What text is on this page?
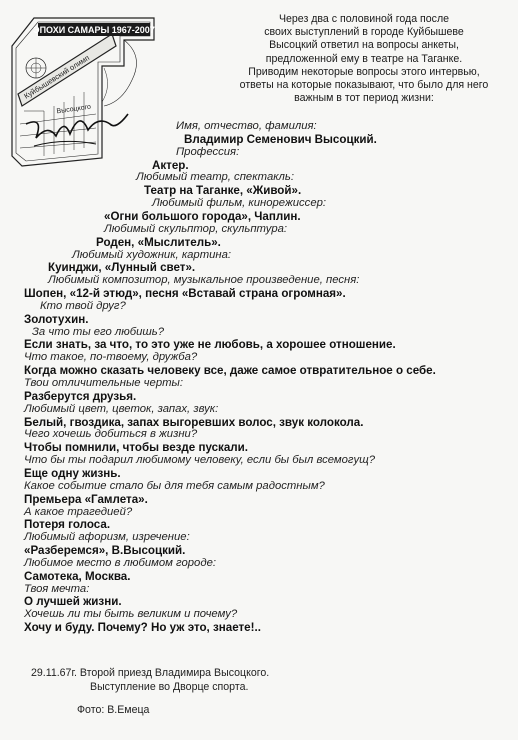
ЭПОХИ САМАРЫ 1967-2007
Куйбышевский олимп
Высоцкого
Через два с половиной года после
своих выступлений в городе Куйбышеве
Высоцкий ответил на вопросы анкеты,
предложенной ему в театре на Таганке.
Приводим некоторые вопросы этого интервью,
ответы на которые показывают, что было для него
важным в тот период жизни:
Имя, отчество, фамилия:
Владимир Семенович Высоцкий.
Профессия:
Актер.
Любимый театр, спектакль:
Театр на Таганке, «Живой».
Любимый фильм, кинорежиссер:
«Огни большого города», Чаплин.
Любимый скульптор, скульптура:
Роден, «Мыслитель».
Любимый художник, картина:
Куинджи, «Лунный свет».
Любимый композитор, музыкальное произведение, песня:
Шопен, «12-й этюд», песня «Вставай страна огромная».
Кто твой друг?
Золотухин.
За что ты его любишь?
Если знать, за что, то это уже не любовь, а хорошее отношение.
Что такое, по-твоему, дружба?
Когда можно сказать человеку все, даже самое отвратительное о себе.
Твои отличительные черты:
Разберутся друзья.
Любимый цвет, цветок, запах, звук:
Белый, гвоздика, запах выгоревших волос, звук колокола.
Чего хочешь добиться в жизни?
Чтобы помнили, чтобы везде пускали.
Что бы ты подарил любимому человеку, если бы был всемогущ?
Еще одну жизнь.
Какое событие стало бы для тебя самым радостным?
Премьера «Гамлета».
А какое трагедией?
Потеря голоса.
Любимый афоризм, изречение:
«Разберемся», В.Высоцкий.
Любимое место в любимом городе:
Самотека, Москва.
Твоя мечта:
О лучшей жизни.
Хочешь ли ты быть великим и почему?
Хочу и буду. Почему? Но уж это, знаете!..
29.11.67г. Второй приезд Владимира Высоцкого.
Выступление во Дворце спорта.
Фото: В.Емеца
